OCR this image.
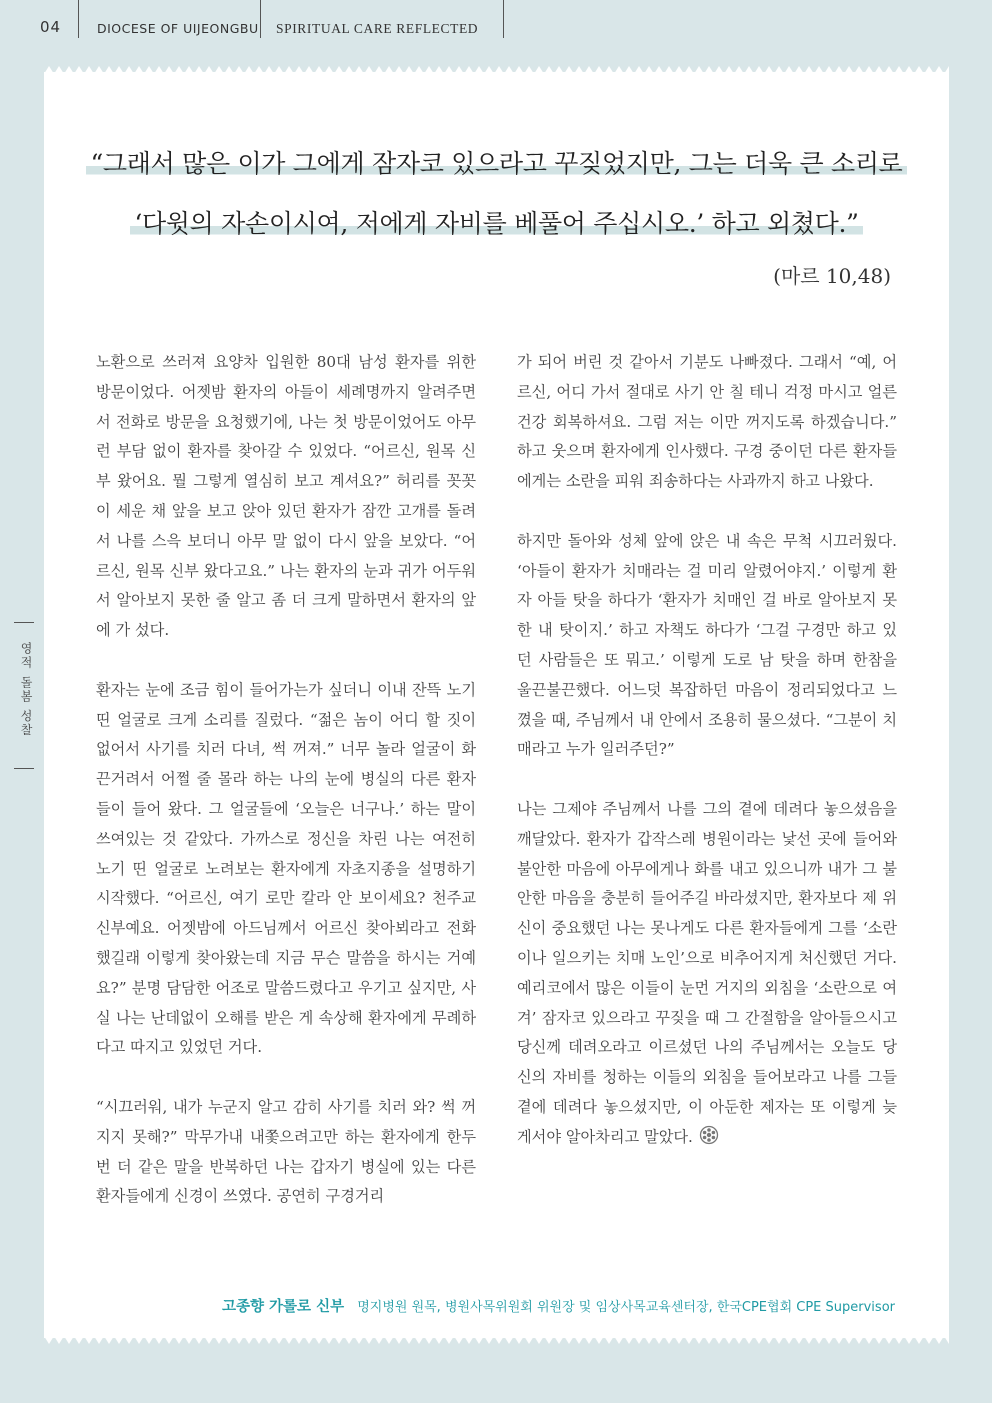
04	DIOCESE OF UIJEONGBU SPIRITUAL CARE REFLECTED
영적 돌봄 성찰
“그래서 많은 이가 그에게 잠자코 있으라고 꾸짖었지만, 그는 더욱 큰 소리로
‘다윗의 자손이시여, 저에게 자비를 베풀어 주십시오.’ 하고 외쳤다.”
(마르 10,48)

노환으로 쓰러져 요양차 입원한 80대 남성 환자를 위한 방문이었다. 어젯밤 환자의 아들이 세례명까지 알려주면서 전화로 방문을 요청했기에, 나는 첫 방문이었어도 아무런 부담 없이 환자를 찾아갈 수 있었다. “어르신, 원목 신부 왔어요. 뭘 그렇게 열심히 보고 계셔요?” 허리를 꼿꼿이 세운 채 앞을 보고 앉아 있던 환자가 잠깐 고개를 돌려서 나를 스윽 보더니 아무 말 없이 다시 앞을 보았다. “어르신, 원목 신부 왔다고요.” 나는 환자의 눈과 귀가 어두워서 알아보지 못한 줄 알고 좀 더 크게 말하면서 환자의 앞에 가 섰다.

환자는 눈에 조금 힘이 들어가는가 싶더니 이내 잔뜩 노기 띤 얼굴로 크게 소리를 질렀다. “젊은 놈이 어디 할 짓이 없어서 사기를 치러 다녀, 썩 꺼져.” 너무 놀라 얼굴이 화끈거려서 어쩔 줄 몰라 하는 나의 눈에 병실의 다른 환자들이 들어 왔다. 그 얼굴들에 ‘오늘은 너구나.’ 하는 말이 쓰여있는 것 같았다. 가까스로 정신을 차린 나는 여전히 노기 띤 얼굴로 노려보는 환자에게 자초지종을 설명하기 시작했다. “어르신, 여기 로만 칼라 안 보이세요? 천주교 신부예요. 어젯밤에 아드님께서 어르신 찾아뵈라고 전화했길래 이렇게 찾아왔는데 지금 무슨 말씀을 하시는 거예요?” 분명 담담한 어조로 말씀드렸다고 우기고 싶지만, 사실 나는 난데없이 오해를 받은 게 속상해 환자에게 무례하다고 따지고 있었던 거다.

“시끄러워, 내가 누군지 알고 감히 사기를 치러 와? 썩 꺼지지 못해?” 막무가내 내쫓으려고만 하는 환자에게 한두 번 더 같은 말을 반복하던 나는 갑자기 병실에 있는 다른 환자들에게 신경이 쓰였다. 공연히 구경거리

가 되어 버린 것 같아서 기분도 나빠졌다. 그래서 “예, 어르신, 어디 가서 절대로 사기 안 칠 테니 걱정 마시고 얼른 건강 회복하셔요. 그럼 저는 이만 꺼지도록 하겠습니다.” 하고 웃으며 환자에게 인사했다. 구경 중이던 다른 환자들에게는 소란을 피워 죄송하다는 사과까지 하고 나왔다.

하지만 돌아와 성체 앞에 앉은 내 속은 무척 시끄러웠다. ‘아들이 환자가 치매라는 걸 미리 알렸어야지.’ 이렇게 환자 아들 탓을 하다가 ‘환자가 치매인 걸 바로 알아보지 못한 내 탓이지.’ 하고 자책도 하다가 ‘그걸 구경만 하고 있던 사람들은 또 뭐고.’ 이렇게 도로 남 탓을 하며 한참을 울끈불끈했다. 어느덧 복잡하던 마음이 정리되었다고 느꼈을 때, 주님께서 내 안에서 조용히 물으셨다. “그분이 치매라고 누가 일러주던?”

나는 그제야 주님께서 나를 그의 곁에 데려다 놓으셨음을 깨달았다. 환자가 갑작스레 병원이라는 낯선 곳에 들어와 불안한 마음에 아무에게나 화를 내고 있으니까 내가 그 불안한 마음을 충분히 들어주길 바라셨지만, 환자보다 제 위신이 중요했던 나는 못나게도 다른 환자들에게 그를 ‘소란이나 일으키는 치매 노인’으로 비추어지게 처신했던 거다. 예리코에서 많은 이들이 눈먼 거지의 외침을 ‘소란으로 여겨’ 잠자코 있으라고 꾸짖을 때 그 간절함을 알아들으시고 당신께 데려오라고 이르셨던 나의 주님께서는 오늘도 당신의 자비를 청하는 이들의 외침을 들어보라고 나를 그들 곁에 데려다 놓으셨지만, 이 아둔한 제자는 또 이렇게 늦게서야 알아차리고 말았다.

고종향 가롤로 신부 명지병원 원목, 병원사목위원회 위원장 및 임상사목교육센터장, 한국CPE협회 CPE Supervisor
